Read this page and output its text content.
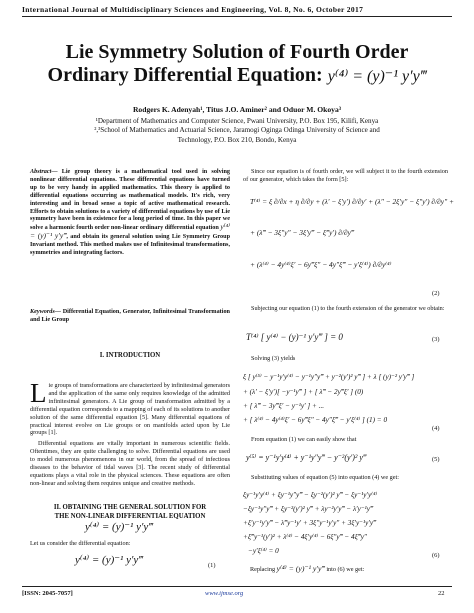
International Journal of Multidisciplinary Sciences and Engineering, Vol. 8, No. 6, October 2017
Lie Symmetry Solution of Fourth Order
Ordinary Differential Equation: y⁽⁴⁾ = (y)⁻¹ y′y‴
Rodgers K. Adenyah¹, Titus J.O. Aminer² and Oduor M. Okoya³
¹Department of Mathematics and Computer Science, Pwani University, P.O. Box 195, Kilifi, Kenya
²,³School of Mathematics and Actuarial Science, Jaramogi Oginga Odinga University of Science and
Technology, P.O. Box 210, Bondo, Kenya
Abstract— Lie group theory is a mathematical tool used in solving nonlinear differential equations. These differential equations have turned up to be very handy in applied mathematics. This theory is applied to differential equations occurring as mathematical models. It's rich, very interesting and in broad sense a topic of active mathematical research. Efforts to obtain solutions to a variety of differential equations by use of Lie symmetry have been in existence for a long period of time. In this paper we solve a harmonic fourth order non-linear ordinary differential equation y⁽⁴⁾ = (y)⁻¹ y′y‴, and obtain its general solution using Lie Symmetry Group Invariant method. This method makes use of Infinitesimal transformations, symmetries and integrating factors.
Keywords— Differential Equation, Generator, Infinitesimal Transformation and Lie Group
I. INTRODUCTION

Lie groups of transformations are characterized by infinitesimal generators and the application of the same only requires knowledge of the admitted infinitesimal generators. A Lie group of transformation admitted by a differential equation corresponds to a mapping of each of its solutions to another solution of the same differential equation [5]. Many differential equations of practical interest evolve on Lie groups or on manifolds acted upon by Lie groups [1].

Differential equations are vitally important in numerous scientific fields. Oftentimes, they are quite challenging to solve. Differential equations are used to model numerous phenomenons in our world, from the spread of infectious diseases to the behavior of tidal waves [3]. The recent study of differential equations plays a vital role in the physical sciences. These equations are often non-linear and solving them requires unique and creative methods.

II. OBTAINING THE GENERAL SOLUTION FOR
THE NON-LINEAR DIFFERENTIAL EQUATION
y⁽⁴⁾ = (y)⁻¹ y′y‴
Let us consider the differential equation:
y⁽⁴⁾ = (y)⁻¹ y′y‴	(1)
Since our equation is of fourth order, we will subject it to the fourth extension of our generator, which takes the form [5]:
T⁽⁴⁾ = ξ ∂/∂x + η ∂/∂y + (λ′ − ξ′y′) ∂/∂y′ + (λ″ − 2ξ′y″ − ξ″y′) ∂/∂y″ +
+ (λ‴ − 3ξ″y″ − 3ξ′y‴ − ξ‴y′) ∂/∂y‴
+ (λ⁽⁴⁾ − 4y⁽⁴⁾ξ′ − 6y‴ξ″ − 4y″ξ‴ − y′ξ⁽⁴⁾) ∂/∂y⁽⁴⁾
(2)
Subjecting our equation (1) to the fourth extension of the generator we obtain:
T⁽⁴⁾ [ y⁽⁴⁾ − (y)⁻¹ y′y‴ ] = 0	(3)
Solving (3) yields
ξ [ y⁽⁵⁾ − y⁻¹y′y⁽⁴⁾ − y⁻¹y″y‴ + y⁻²(y′)² y‴ ] + λ [ (y)⁻² y′y‴ ]
+ (λ′ − ξ′y′)[ −y⁻¹y‴ ] + [ λ‴ − 2y‴ξ′ ] (0)
+ [ λ‴ − 3y‴ξ′ − y⁻¹y′ ] + ...
+ [ λ⁽⁴⁾ − 4y⁽⁴⁾ξ′ − 6y‴ξ″ − 4y″ξ‴ − y′ξ⁽⁴⁾ ] (1) = 0
(4)
From equation (1) we can easily show that
y⁽⁵⁾ = y⁻¹y′y⁽⁴⁾ + y⁻¹y″y‴ − y⁻²(y′)² y‴	(5)
Substituting values of equation (5) into equation (4) we get:
ξy⁻¹y′y⁽⁴⁾ + ξy⁻¹y″y‴ − ξy⁻²(y′)² y‴ − ξy⁻¹y′y⁽⁴⁾
−ξy⁻¹y″y‴ + ξy⁻²(y′)² y‴ + λy⁻²y′y‴ − λ′y⁻¹y‴
+ξ′y⁻¹y′y‴ − λ‴y⁻¹y′ + 3ξ″y⁻¹y′y″ + 3ξ′y⁻¹y′y‴
+ξ‴y⁻¹(y′)² + λ⁽⁴⁾ − 4ξ′y⁽⁴⁾ − 6ξ″y‴ − 4ξ‴y″
−y′ξ⁽⁴⁾ = 0
(6)
Replacing y⁽⁴⁾ = (y)⁻¹ y′y‴ into (6) we get:
[ISSN: 2045-7057]	www.ijmse.org	22
